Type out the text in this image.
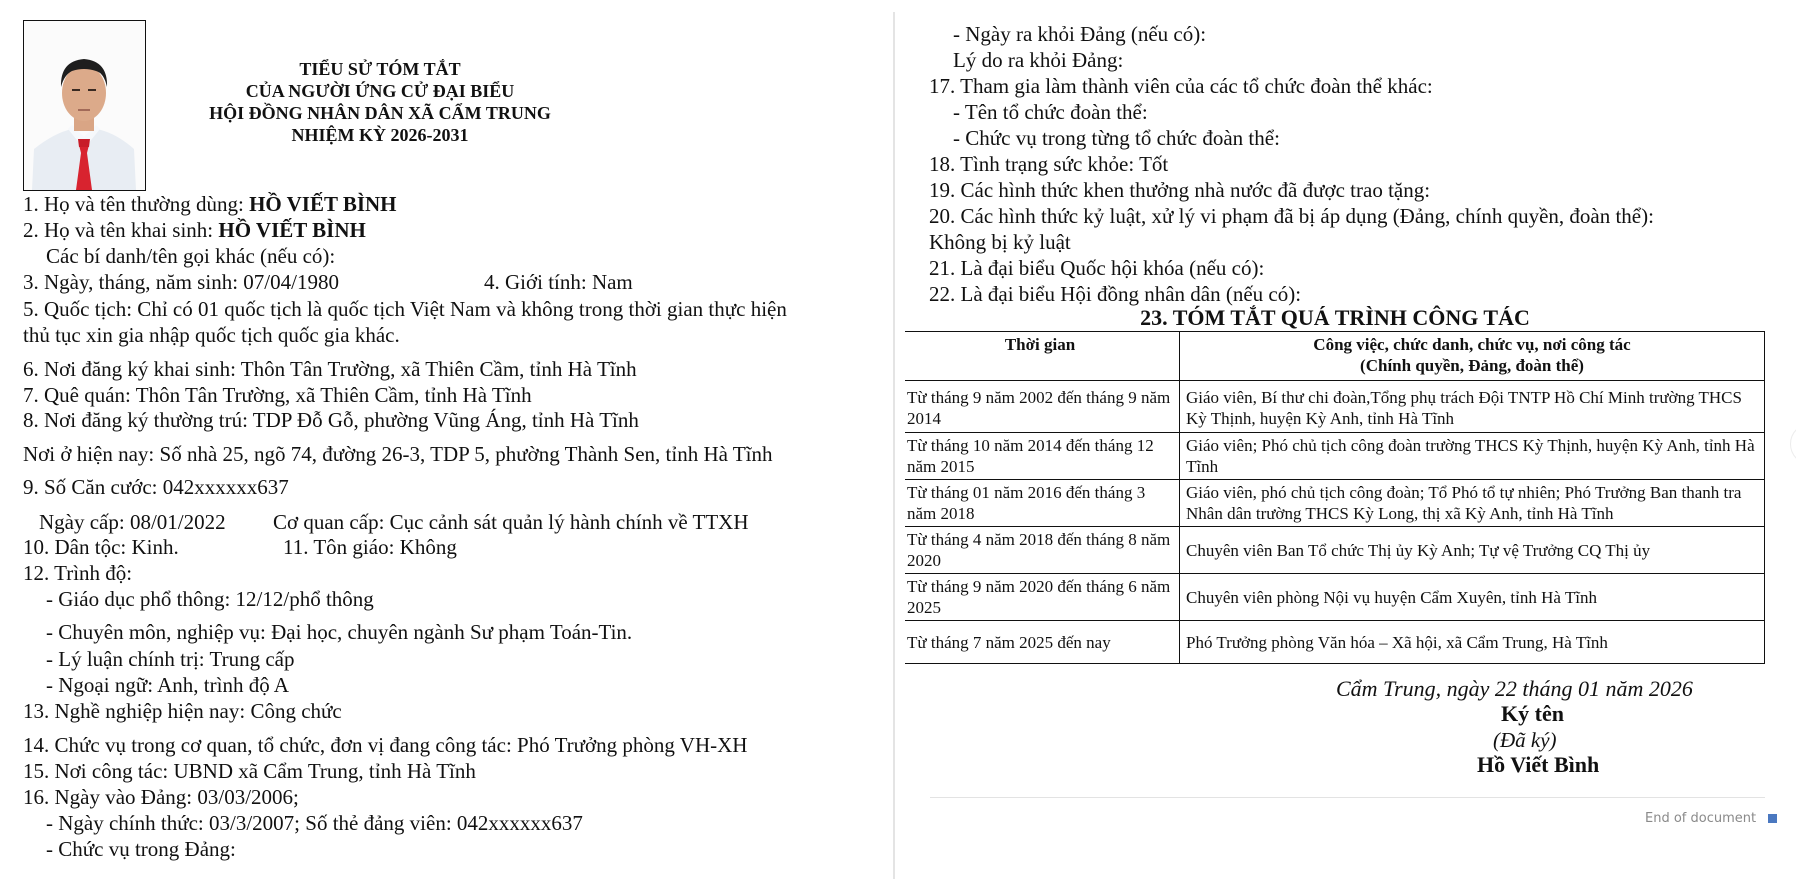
TIỂU SỬ TÓM TẮT
CỦA NGƯỜI ỨNG CỬ ĐẠI BIỂU
HỘI ĐỒNG NHÂN DÂN XÃ CẨM TRUNG
NHIỆM KỲ 2026-2031
1. Họ và tên thường dùng: HỒ VIẾT BÌNH
2. Họ và tên khai sinh: HỒ VIẾT BÌNH
Các bí danh/tên gọi khác (nếu có):
3. Ngày, tháng, năm sinh: 07/04/1980	4. Giới tính: Nam
5. Quốc tịch: Chỉ có 01 quốc tịch là quốc tịch Việt Nam và không trong thời gian thực hiện
thủ tục xin gia nhập quốc tịch quốc gia khác.
6. Nơi đăng ký khai sinh: Thôn Tân Trường, xã Thiên Cầm, tỉnh Hà Tĩnh
7. Quê quán: Thôn Tân Trường, xã Thiên Cầm, tỉnh Hà Tĩnh
8. Nơi đăng ký thường trú: TDP Đỗ Gỗ, phường Vũng Áng, tỉnh Hà Tĩnh
Nơi ở hiện nay: Số nhà 25, ngõ 74, đường 26-3, TDP 5, phường Thành Sen, tỉnh Hà Tĩnh
9. Số Căn cước: 042xxxxxx637
Ngày cấp: 08/01/2022 Cơ quan cấp: Cục cảnh sát quản lý hành chính về TTXH
10. Dân tộc: Kinh.	11. Tôn giáo: Không
12. Trình độ:
- Giáo dục phổ thông: 12/12/phổ thông
- Chuyên môn, nghiệp vụ: Đại học, chuyên ngành Sư phạm Toán-Tin.
- Lý luận chính trị: Trung cấp
- Ngoại ngữ: Anh, trình độ A
13. Nghề nghiệp hiện nay: Công chức
14. Chức vụ trong cơ quan, tổ chức, đơn vị đang công tác: Phó Trưởng phòng VH-XH
15. Nơi công tác: UBND xã Cẩm Trung, tỉnh Hà Tĩnh
16. Ngày vào Đảng: 03/03/2006;
- Ngày chính thức: 03/3/2007; Số thẻ đảng viên: 042xxxxxx637
- Chức vụ trong Đảng:
- Ngày ra khỏi Đảng (nếu có):
Lý do ra khỏi Đảng:
17. Tham gia làm thành viên của các tổ chức đoàn thể khác:
- Tên tổ chức đoàn thể:
- Chức vụ trong từng tổ chức đoàn thể:
18. Tình trạng sức khỏe: Tốt
19. Các hình thức khen thưởng nhà nước đã được trao tặng:
20. Các hình thức kỷ luật, xử lý vi phạm đã bị áp dụng (Đảng, chính quyền, đoàn thể):
Không bị kỷ luật
21. Là đại biểu Quốc hội khóa (nếu có):
22. Là đại biểu Hội đồng nhân dân (nếu có):
23. TÓM TẮT QUÁ TRÌNH CÔNG TÁC
Thời gian	Công việc, chức danh, chức vụ, nơi công tác
(Chính quyền, Đảng, đoàn thể)

Từ tháng 9 năm 2002 đến tháng 9 năm 2014	Giáo viên, Bí thư chi đoàn,Tổng phụ trách Đội TNTP Hồ Chí Minh trường THCS Kỳ Thịnh, huyện Kỳ Anh, tỉnh Hà Tĩnh
Từ tháng 10 năm 2014 đến tháng 12 năm 2015	Giáo viên; Phó chủ tịch công đoàn trường THCS Kỳ Thịnh, huyện Kỳ Anh, tỉnh Hà Tĩnh
Từ tháng 01 năm 2016 đến tháng 3 năm 2018	Giáo viên, phó chủ tịch công đoàn; Tổ Phó tổ tự nhiên; Phó Trưởng Ban thanh tra Nhân dân trường THCS Kỳ Long, thị xã Kỳ Anh, tỉnh Hà Tĩnh
Từ tháng 4 năm 2018 đến tháng 8 năm 2020	Chuyên viên Ban Tổ chức Thị ủy Kỳ Anh; Tự vệ Trưởng CQ Thị ủy
Từ tháng 9 năm 2020 đến tháng 6 năm 2025	Chuyên viên phòng Nội vụ huyện Cẩm Xuyên, tỉnh Hà Tĩnh
Từ tháng 7 năm 2025 đến nay	Phó Trưởng phòng Văn hóa – Xã hội, xã Cẩm Trung, Hà Tĩnh
Cẩm Trung, ngày 22 tháng 01 năm 2026
Ký tên
(Đã ký)
Hồ Viết Bình
End of document
